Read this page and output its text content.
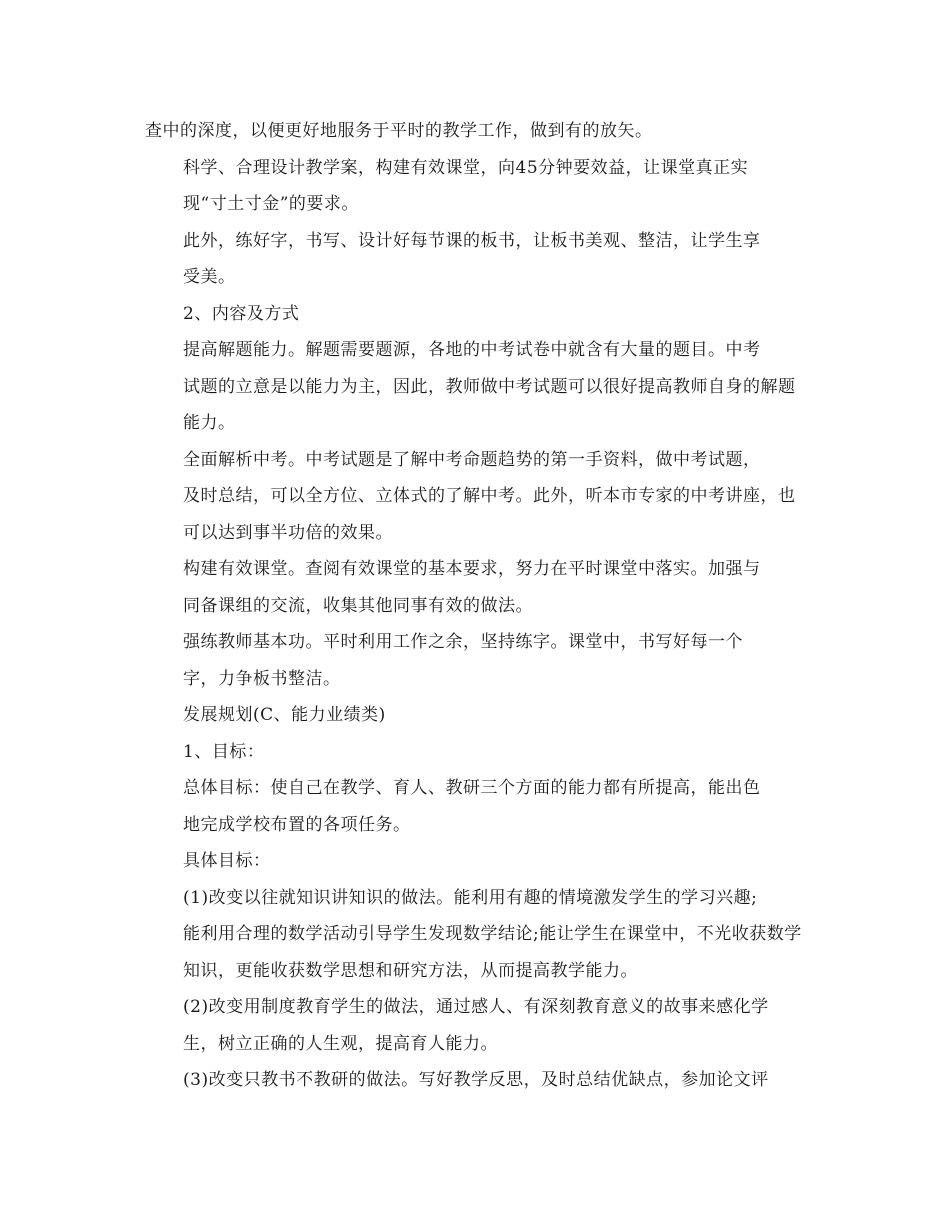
查中的深度，以便更好地服务于平时的教学工作，做到有的放矢。
科学、合理设计教学案，构建有效课堂，向45分钟要效益，让课堂真正实
现“寸土寸金”的要求。
此外，练好字，书写、设计好每节课的板书，让板书美观、整洁，让学生享
受美。
2、内容及方式
提高解题能力。解题需要题源，各地的中考试卷中就含有大量的题目。中考
试题的立意是以能力为主，因此，教师做中考试题可以很好提高教师自身的解题
能力。
全面解析中考。中考试题是了解中考命题趋势的第一手资料，做中考试题，
及时总结，可以全方位、立体式的了解中考。此外，听本市专家的中考讲座，也
可以达到事半功倍的效果。
构建有效课堂。查阅有效课堂的基本要求，努力在平时课堂中落实。加强与
同备课组的交流，收集其他同事有效的做法。
强练教师基本功。平时利用工作之余，坚持练字。课堂中，书写好每一个
字，力争板书整洁。
发展规划(C、能力业绩类)
1、目标：
总体目标：使自己在教学、育人、教研三个方面的能力都有所提高，能出色
地完成学校布置的各项任务。
具体目标：
(1)改变以往就知识讲知识的做法。能利用有趣的情境激发学生的学习兴趣;
能利用合理的数学活动引导学生发现数学结论;能让学生在课堂中，不光收获数学
知识，更能收获数学思想和研究方法，从而提高教学能力。
(2)改变用制度教育学生的做法，通过感人、有深刻教育意义的故事来感化学
生，树立正确的人生观，提高育人能力。
(3)改变只教书不教研的做法。写好教学反思，及时总结优缺点，参加论文评
